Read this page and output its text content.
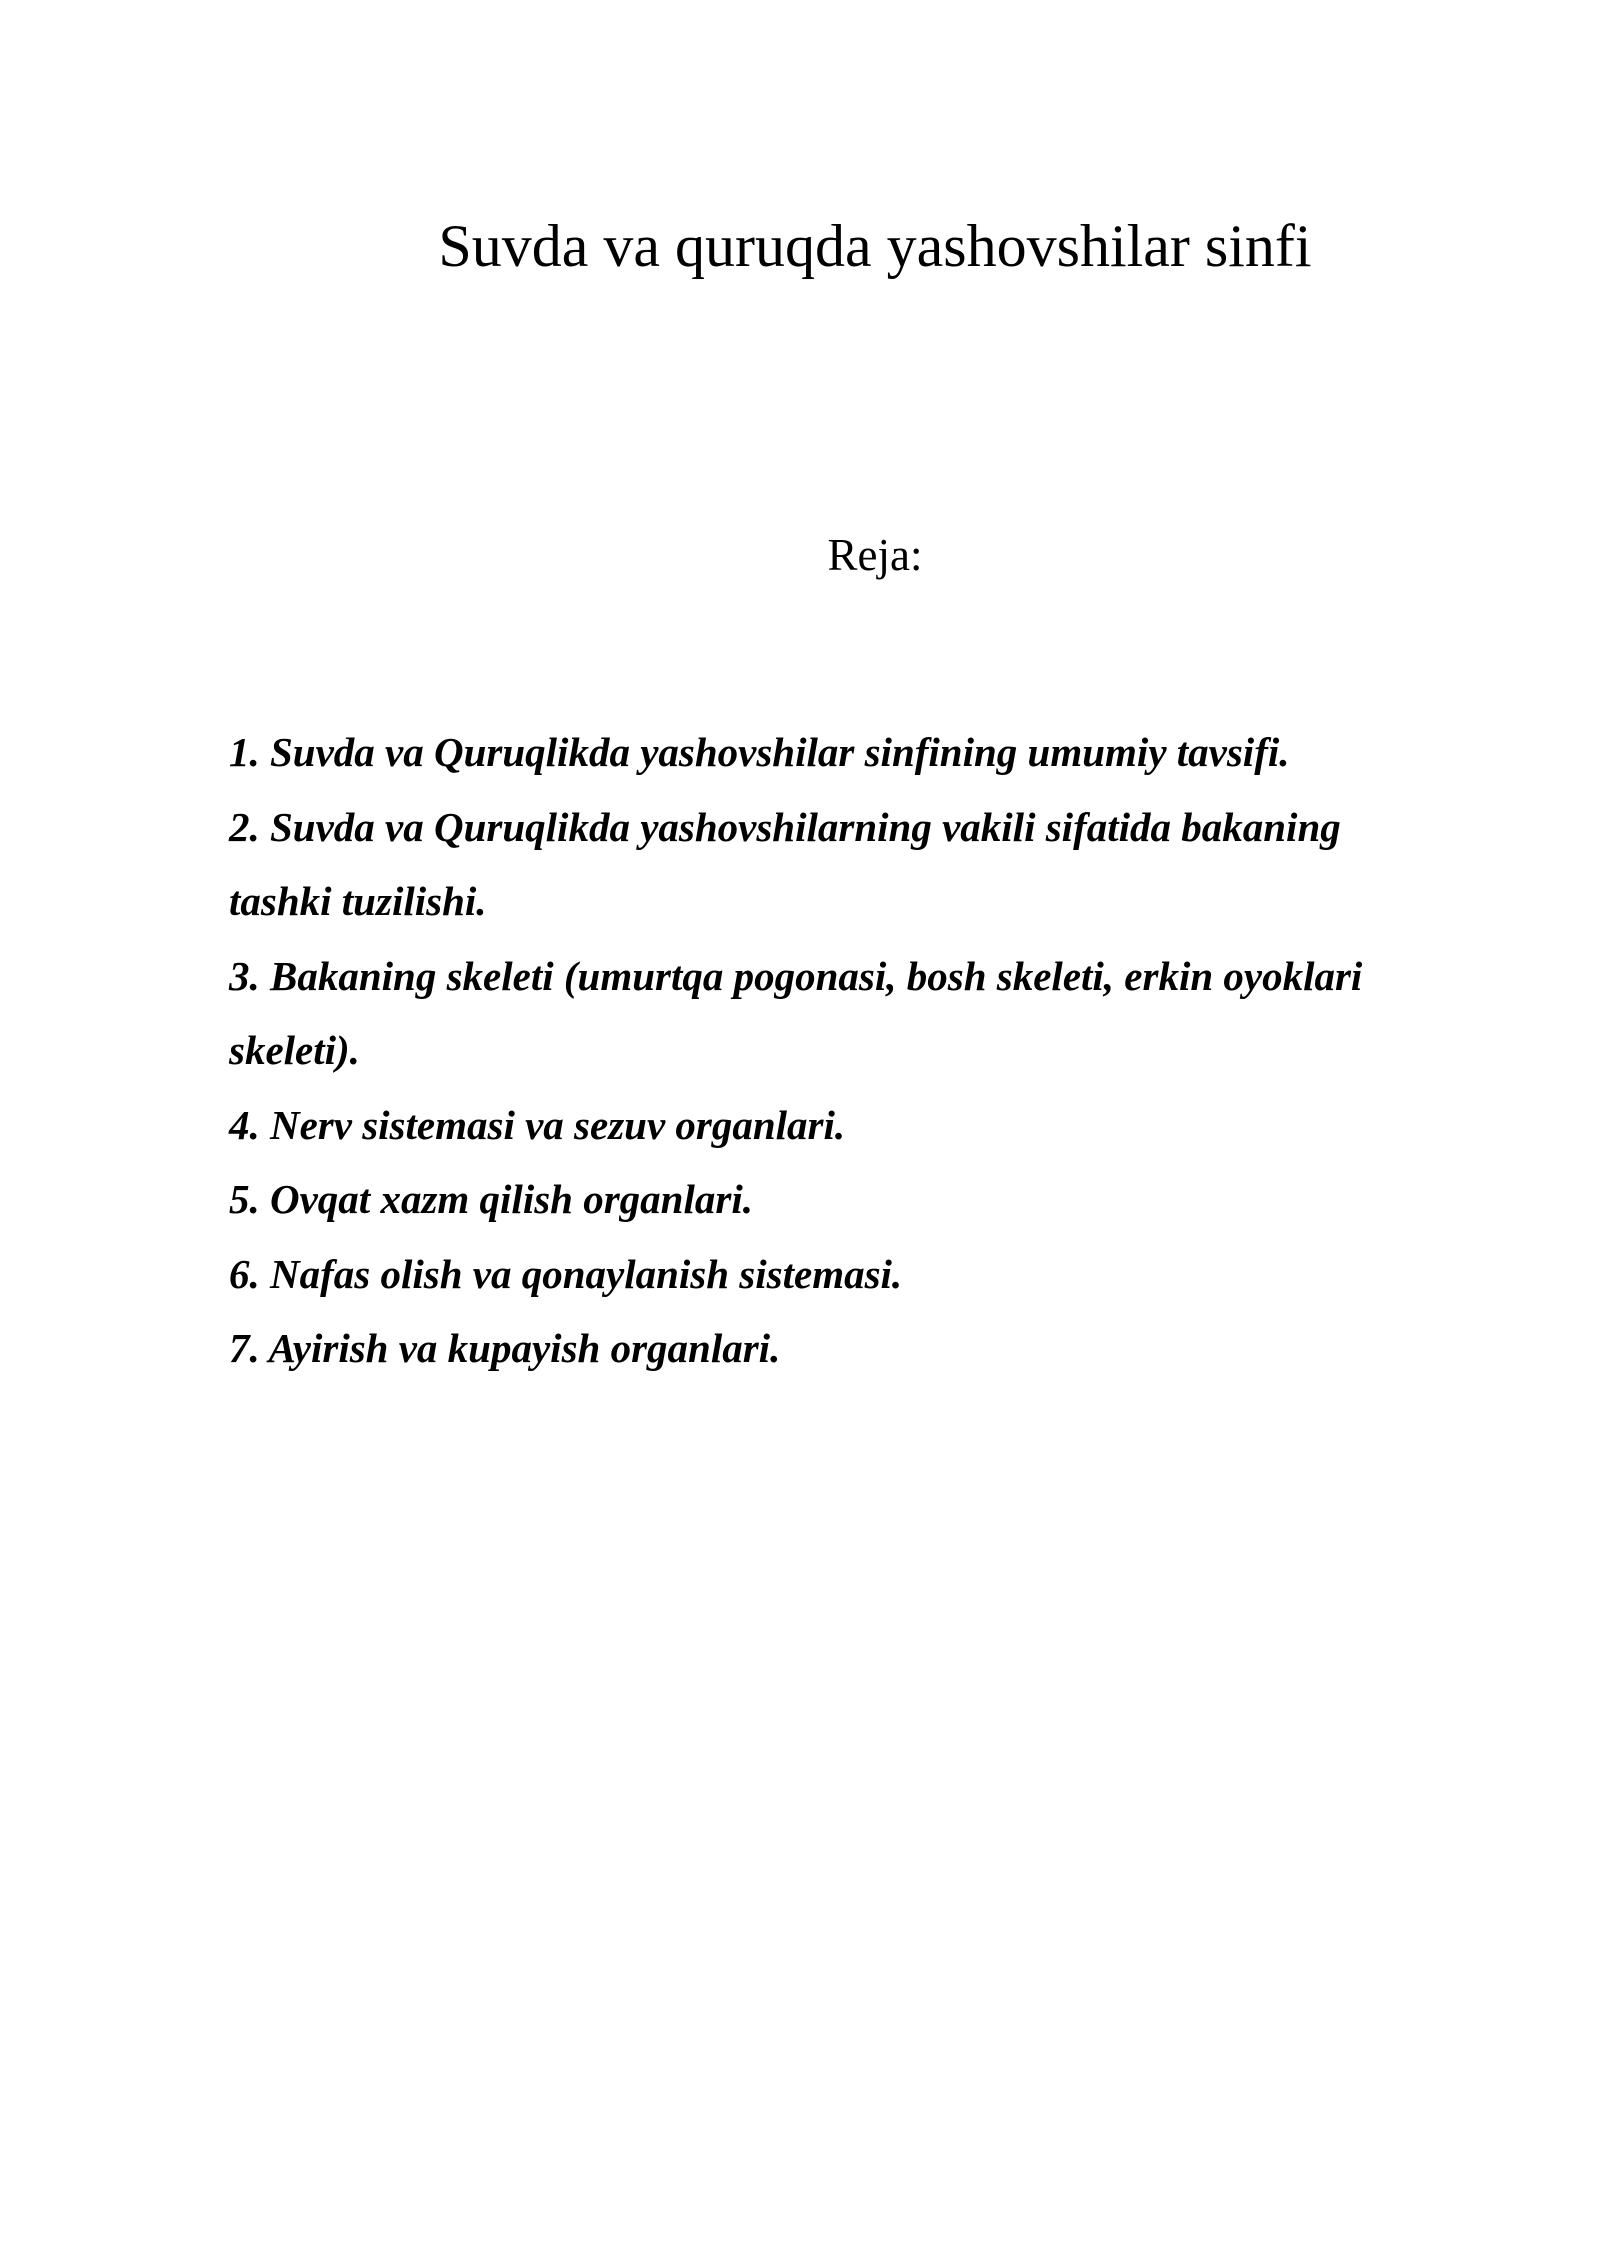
Suvda va quruqda yashovshilar sinfi

Reja:

1. Suvda va Quruqlikda yashovshilar sinfining umumiy tavsifi.
2. Suvda va Quruqlikda yashovshilarning vakili sifatida bakaning tashki tuzilishi.
3. Bakaning skeleti (umurtqa pogonasi, bosh skeleti, erkin oyoklari skeleti).
4. Nerv sistemasi va sezuv organlari.
5. Ovqat xazm qilish organlari.
6. Nafas olish va qonaylanish sistemasi.
7. Ayirish va kupayish organlari.
